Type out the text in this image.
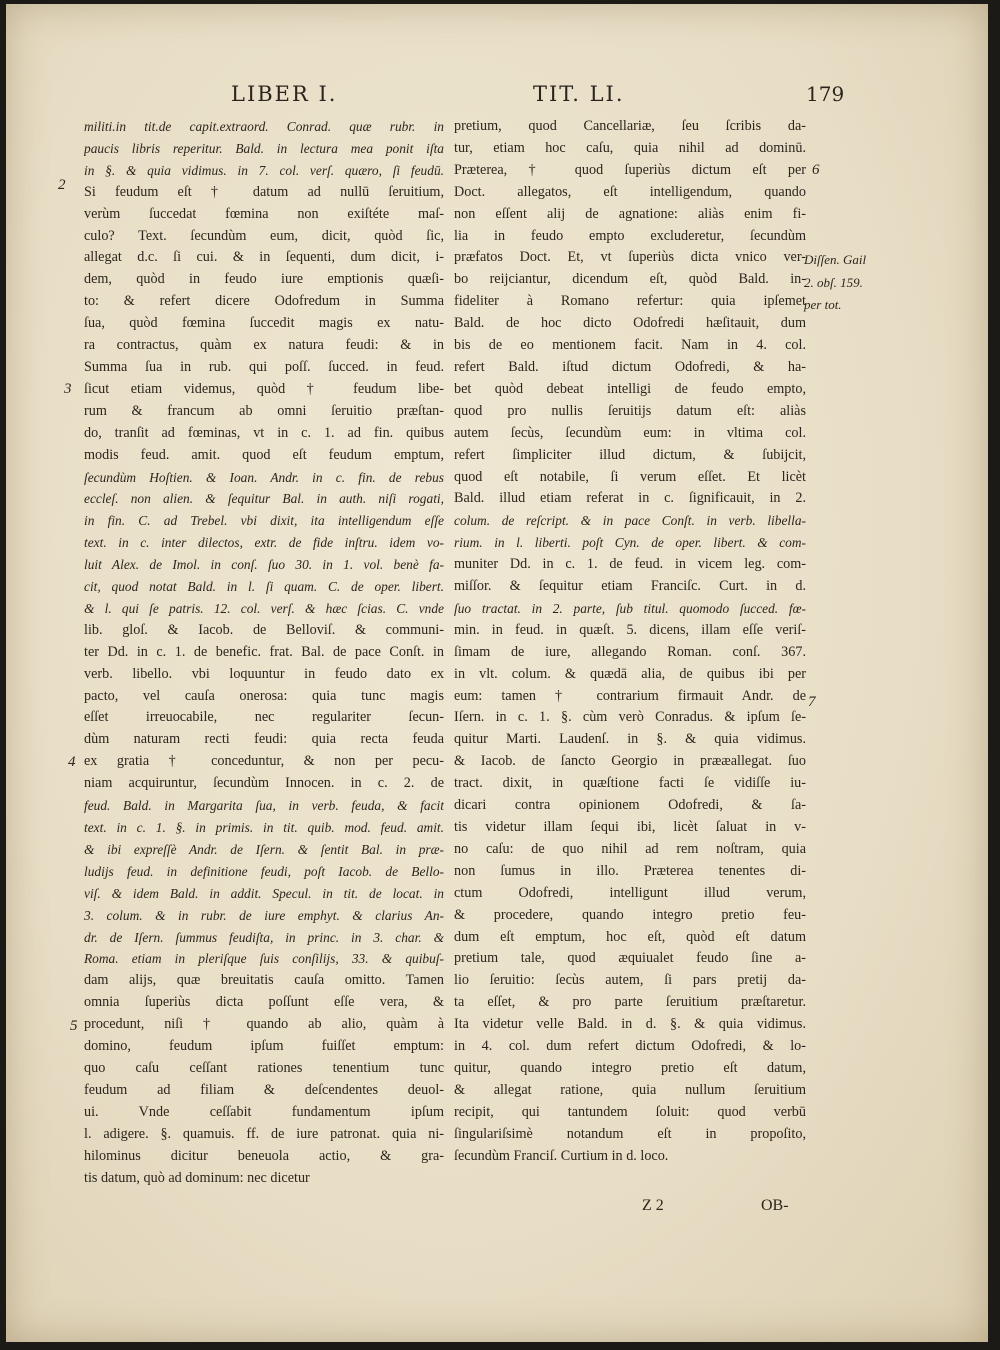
LIBER I.	TIT. LI.	179
militi.in tit.de capit.extraord. Conrad. quæ rubr. in
paucis libris reperitur. Bald. in lectura mea ponit iſta
in §. & quia vidimus. in 7. col. verſ. quæro, ſi feudū.
Si feudum eſt † datum ad nullū ſeruitium,
verùm ſuccedat fœmina non exiſtéte maſ-
culo? Text. ſecundùm eum, dicit, quòd ſic,
allegat d.c. ſi cui. & in ſequenti, dum dicit, i-
dem, quòd in feudo iure emptionis quæſi-
to: & refert dicere Odofredum in Summa
ſua, quòd fœmina ſuccedit magis ex natu-
ra contractus, quàm ex natura feudi: & in
Summa ſua in rub. qui poſſ. ſucced. in feud.
ſicut etiam videmus, quòd † feudum libe-
rum & francum ab omni ſeruitio præſtan-
do, tranſit ad fœminas, vt in c. 1. ad fin. quibus
modis feud. amit. quod eſt feudum emptum,
ſecundùm Hoſtien. & Ioan. Andr. in c. fin. de rebus
eccleſ. non alien. & ſequitur Bal. in auth. niſi rogati,
in fin. C. ad Trebel. vbi dixit, ita intelligendum eſſe
text. in c. inter dilectos, extr. de fide inſtru. idem vo-
luit Alex. de Imol. in conſ. ſuo 30. in 1. vol. benè fa-
cit, quod notat Bald. in l. ſi quam. C. de oper. libert.
& l. qui ſe patris. 12. col. verſ. & hæc ſcias. C. vnde
lib. gloſ. & Iacob. de Belloviſ. & communi-
ter Dd. in c. 1. de benefic. frat. Bal. de pace Conſt. in
verb. libello. vbi loquuntur in feudo dato ex
pacto, vel cauſa onerosa: quia tunc magis
eſſet irreuocabile, nec regulariter ſecun-
dùm naturam recti feudi: quia recta feuda
ex gratia † conceduntur, & non per pecu-
niam acquiruntur, ſecundùm Innocen. in c. 2. de
feud. Bald. in Margarita ſua, in verb. feuda, & facit
text. in c. 1. §. in primis. in tit. quib. mod. feud. amit.
& ibi expreſſè Andr. de Iſern. & ſentit Bal. in præ-
ludijs feud. in definitione feudi, poſt Iacob. de Bello-
viſ. & idem Bald. in addit. Specul. in tit. de locat. in
3. colum. & in rubr. de iure emphyt. & clarius An-
dr. de Iſern. ſummus feudiſta, in princ. in 3. char. &
Roma. etiam in pleriſque ſuis conſilijs, 33. & quibuſ-
dam alijs, quæ breuitatis cauſa omitto. Tamen
omnia ſuperiùs dicta poſſunt eſſe vera, &
procedunt, niſi † quando ab alio, quàm à
domino, feudum ipſum fuiſſet emptum:
quo caſu ceſſant rationes tenentium tunc
feudum ad filiam & deſcendentes deuol-
ui. Vnde ceſſabit fundamentum ipſum
l. adigere. §. quamuis. ff. de iure patronat. quia ni-
hilominus dicitur beneuola actio, & gra-
tis datum, quò ad dominum: nec dicetur
pretium, quod Cancellariæ, ſeu ſcribis da-
tur, etiam hoc caſu, quia nihil ad dominū.
Præterea, † quod ſuperiùs dictum eſt per
Doct. allegatos, eſt intelligendum, quando
non eſſent alij de agnatione: aliàs enim fi-
lia in feudo empto excluderetur, ſecundùm
præfatos Doct. Et, vt ſuperiùs dicta vnico ver-
bo reijciantur, dicendum eſt, quòd Bald. in-
fideliter à Romano refertur: quia ipſemet
Bald. de hoc dicto Odofredi hæſitauit, dum
bis de eo mentionem facit. Nam in 4. col.
refert Bald. iſtud dictum Odofredi, & ha-
bet quòd debeat intelligi de feudo empto,
quod pro nullis ſeruitijs datum eſt: aliàs
autem ſecùs, ſecundùm eum: in vltima col.
refert ſimpliciter illud dictum, & ſubijcit,
quod eſt notabile, ſi verum eſſet. Et licèt
Bald. illud etiam referat in c. ſignificauit, in 2.
colum. de reſcript. & in pace Conſt. in verb. libella-
rium. in l. liberti. poſt Cyn. de oper. libert. & com-
muniter Dd. in c. 1. de feud. in vicem leg. com-
miſſor. & ſequitur etiam Franciſc. Curt. in d.
ſuo tractat. in 2. parte, ſub titul. quomodo ſucced. fœ-
min. in feud. in quæſt. 5. dicens, illam eſſe veriſ-
ſimam de iure, allegando Roman. conſ. 367.
in vlt. colum. & quædā alia, de quibus ibi per
eum: tamen † contrarium firmauit Andr. de
Iſern. in c. 1. §. cùm verò Conradus. & ipſum ſe-
quitur Marti. Laudenſ. in §. & quia vidimus.
& Iacob. de ſancto Georgio in prææallegat. ſuo
tract. dixit, in quæſtione facti ſe vidiſſe iu-
dicari contra opinionem Odofredi, & ſa-
tis videtur illam ſequi ibi, licèt ſaluat in v-
no caſu: de quo nihil ad rem noſtram, quia
non ſumus in illo. Præterea tenentes di-
ctum Odofredi, intelligunt illud verum,
& procedere, quando integro pretio feu-
dum eſt emptum, hoc eſt, quòd eſt datum
pretium tale, quod æquiualet feudo ſine a-
lio ſeruitio: ſecùs autem, ſi pars pretij da-
ta eſſet, & pro parte ſeruitium præſtaretur.
Ita videtur velle Bald. in d. §. & quia vidimus.
in 4. col. dum refert dictum Odofredi, & lo-
quitur, quando integro pretio eſt datum,
& allegat ratione, quia nullum ſeruitium
recipit, qui tantundem ſoluit: quod verbū
ſingulariſsimè notandum eſt in propoſito,
ſecundùm Franciſ. Curtium in d. loco.
2
3
4
5
6
7
Diſſen. Gail
2. obſ. 159.
per tot.
Z 2	OB-
